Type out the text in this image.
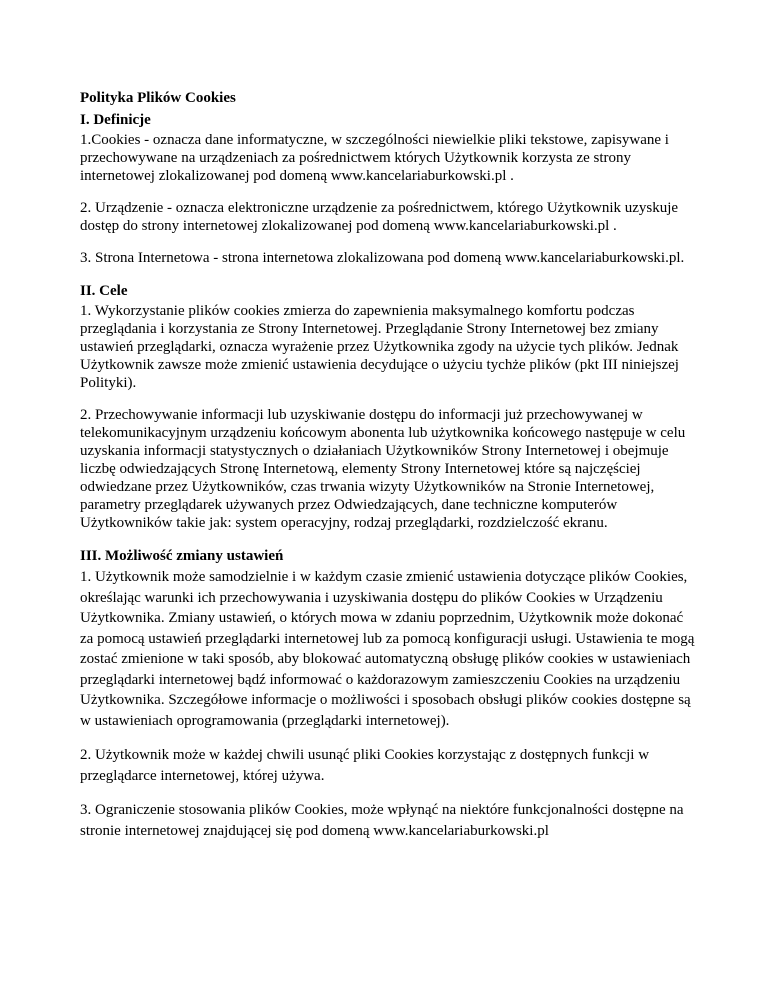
Polityka Plików Cookies
I. Definicje

1.Cookies - oznacza dane informatyczne, w szczególności niewielkie pliki tekstowe, zapisywane i przechowywane na urządzeniach za pośrednictwem których Użytkownik korzysta ze strony internetowej zlokalizowanej pod domeną www.kancelariaburkowski.pl .

2. Urządzenie - oznacza elektroniczne urządzenie za pośrednictwem, którego Użytkownik uzyskuje dostęp do strony internetowej zlokalizowanej pod domeną www.kancelariaburkowski.pl .

3. Strona Internetowa - strona internetowa zlokalizowana pod domeną www.kancelariaburkowski.pl.

II. Cele

1. Wykorzystanie plików cookies zmierza do zapewnienia maksymalnego komfortu podczas przeglądania i korzystania ze Strony Internetowej. Przeglądanie Strony Internetowej bez zmiany ustawień przeglądarki, oznacza wyrażenie przez Użytkownika zgody na użycie tych plików. Jednak Użytkownik zawsze może zmienić ustawienia decydujące o użyciu tychże plików (pkt III niniejszej Polityki).

2. Przechowywanie informacji lub uzyskiwanie dostępu do informacji już przechowywanej w telekomunikacyjnym urządzeniu końcowym abonenta lub użytkownika końcowego następuje w celu uzyskania informacji statystycznych o działaniach Użytkowników Strony Internetowej i obejmuje liczbę odwiedzających Stronę Internetową, elementy Strony Internetowej które są najczęściej odwiedzane przez Użytkowników, czas trwania wizyty Użytkowników na Stronie Internetowej, parametry przeglądarek używanych przez Odwiedzających, dane techniczne komputerów Użytkowników takie jak: system operacyjny, rodzaj przeglądarki, rozdzielczość ekranu.

III. Możliwość zmiany ustawień

1. Użytkownik może samodzielnie i w każdym czasie zmienić ustawienia dotyczące plików Cookies, określając warunki ich przechowywania i uzyskiwania dostępu do plików Cookies w Urządzeniu Użytkownika. Zmiany ustawień, o których mowa w zdaniu poprzednim, Użytkownik może dokonać za pomocą ustawień przeglądarki internetowej lub za pomocą konfiguracji usługi. Ustawienia te mogą zostać zmienione w taki sposób, aby blokować automatyczną obsługę plików cookies w ustawieniach przeglądarki internetowej bądź informować o każdorazowym zamieszczeniu Cookies na urządzeniu Użytkownika. Szczegółowe informacje o możliwości i sposobach obsługi plików cookies dostępne są w ustawieniach oprogramowania (przeglądarki internetowej).

2. Użytkownik może w każdej chwili usunąć pliki Cookies korzystając z dostępnych funkcji w przeglądarce internetowej, której używa.

3. Ograniczenie stosowania plików Cookies, może wpłynąć na niektóre funkcjonalności dostępne na stronie internetowej znajdującej się pod domeną www.kancelariaburkowski.pl
